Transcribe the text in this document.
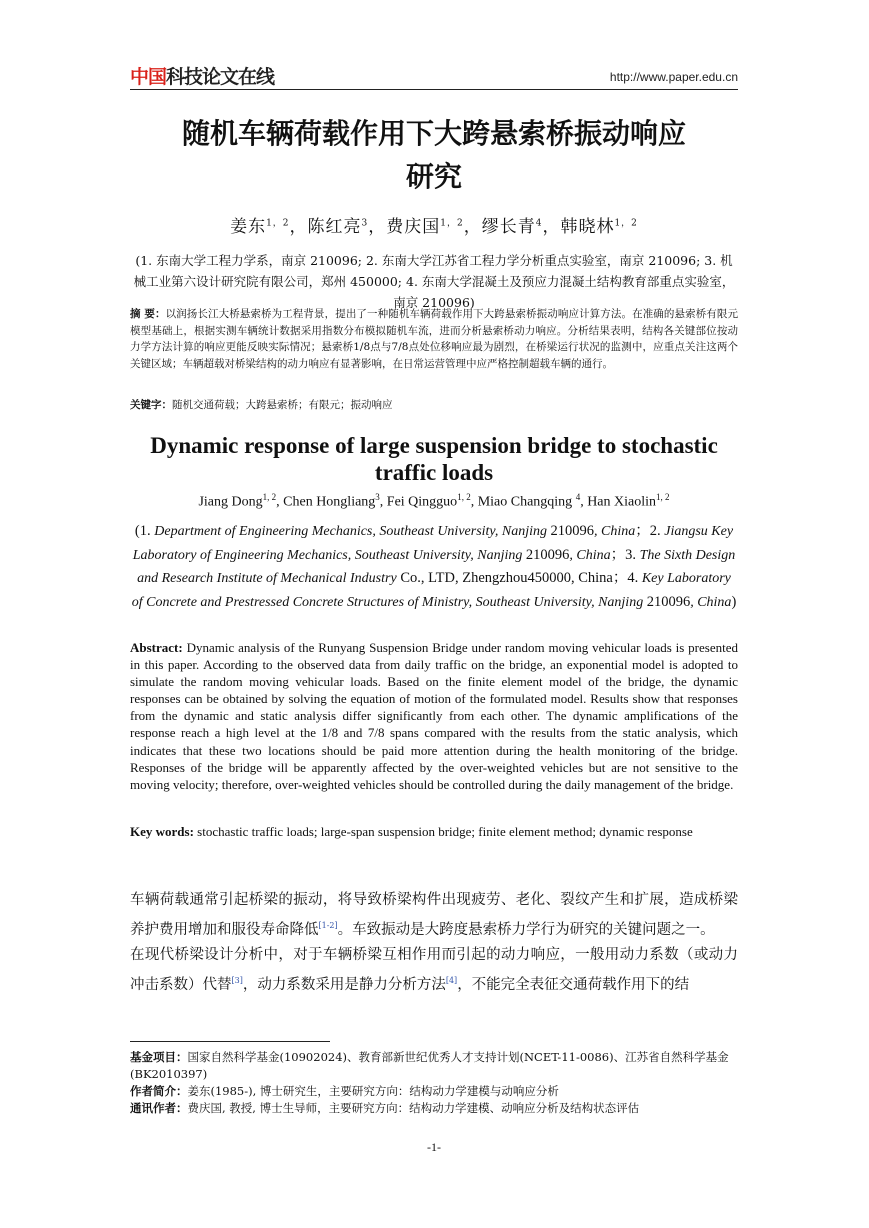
中国科技论文在线	http://www.paper.edu.cn
随机车辆荷载作用下大跨悬索桥振动响应
研究
姜东$^{1,2}$，陈红亮$^3$，费庆国$^{1,2}$，缪长青$^4$，韩晓林$^{1,2}$
(1. 东南大学工程力学系，南京 210096; 2. 东南大学江苏省工程力学分析重点实验室，南京 210096; 3. 机械工业第六设计研究院有限公司，郑州 450000; 4. 东南大学混凝土及预应力混凝土结构教育部重点实验室，南京 210096)
摘 要：以润扬长江大桥悬索桥为工程背景，提出了一种随机车辆荷载作用下大跨悬索桥振动响应计算方法。在准确的悬索桥有限元模型基础上，根据实测车辆统计数据采用指数分布模拟随机车流，进而分析悬索桥动力响应。分析结果表明，结构各关键部位按动力学方法计算的响应更能反映实际情况；悬索桥1/8点与7/8点处位移响应最为剧烈，在桥梁运行状况的监测中，应重点关注这两个关键区域；车辆超载对桥梁结构的动力响应有显著影响，在日常运营管理中应严格控制超载车辆的通行。
关键字：随机交通荷载；大跨悬索桥；有限元；振动响应
Dynamic response of large suspension bridge to stochastic traffic loads
Jiang Dong$^{1, 2}$, Chen Hongliang$^3$, Fei Qingguo$^{1, 2}$, Miao Changqing $^4$, Han Xiaolin$^{1, 2}$
(1. Department of Engineering Mechanics, Southeast University, Nanjing 210096, China；2. Jiangsu Key Laboratory of Engineering Mechanics, Southeast University, Nanjing 210096, China；3. The Sixth Design and Research Institute of Mechanical Industry Co., LTD, Zhengzhou450000, China；4. Key Laboratory of Concrete and Prestressed Concrete Structures of Ministry, Southeast University, Nanjing 210096, China)
Abstract: Dynamic analysis of the Runyang Suspension Bridge under random moving vehicular loads is presented in this paper. According to the observed data from daily traffic on the bridge, an exponential model is adopted to simulate the random moving vehicular loads. Based on the finite element model of the bridge, the dynamic responses can be obtained by solving the equation of motion of the formulated model. Results show that responses from the dynamic and static analysis differ significantly from each other. The dynamic amplifications of the response reach a high level at the 1/8 and 7/8 spans compared with the results from the static analysis, which indicates that these two locations should be paid more attention during the health monitoring of the bridge. Responses of the bridge will be apparently affected by the over-weighted vehicles but are not sensitive to the moving velocity; therefore, over-weighted vehicles should be controlled during the daily management of the bridge.
Key words: stochastic traffic loads; large-span suspension bridge; finite element method; dynamic response

车辆荷载通常引起桥梁的振动，将导致桥梁构件出现疲劳、老化、裂纹产生和扩展，造成桥梁养护费用增加和服役寿命降低[1-2]。车致振动是大跨度悬索桥力学行为研究的关键问题之一。

在现代桥梁设计分析中，对于车辆桥梁互相作用而引起的动力响应，一般用动力系数（或动力冲击系数）代替[3]，动力系数采用是静力分析方法[4]，不能完全表征交通荷载作用下的结

基金项目：国家自然科学基金(10902024)、教育部新世纪优秀人才支持计划(NCET-11-0086)、江苏省自然科学基金(BK2010397)
作者简介：姜东(1985-), 博士研究生，主要研究方向：结构动力学建模与动响应分析
通讯作者：费庆国, 教授, 博士生导师，主要研究方向：结构动力学建模、动响应分析及结构状态评估
-1-
